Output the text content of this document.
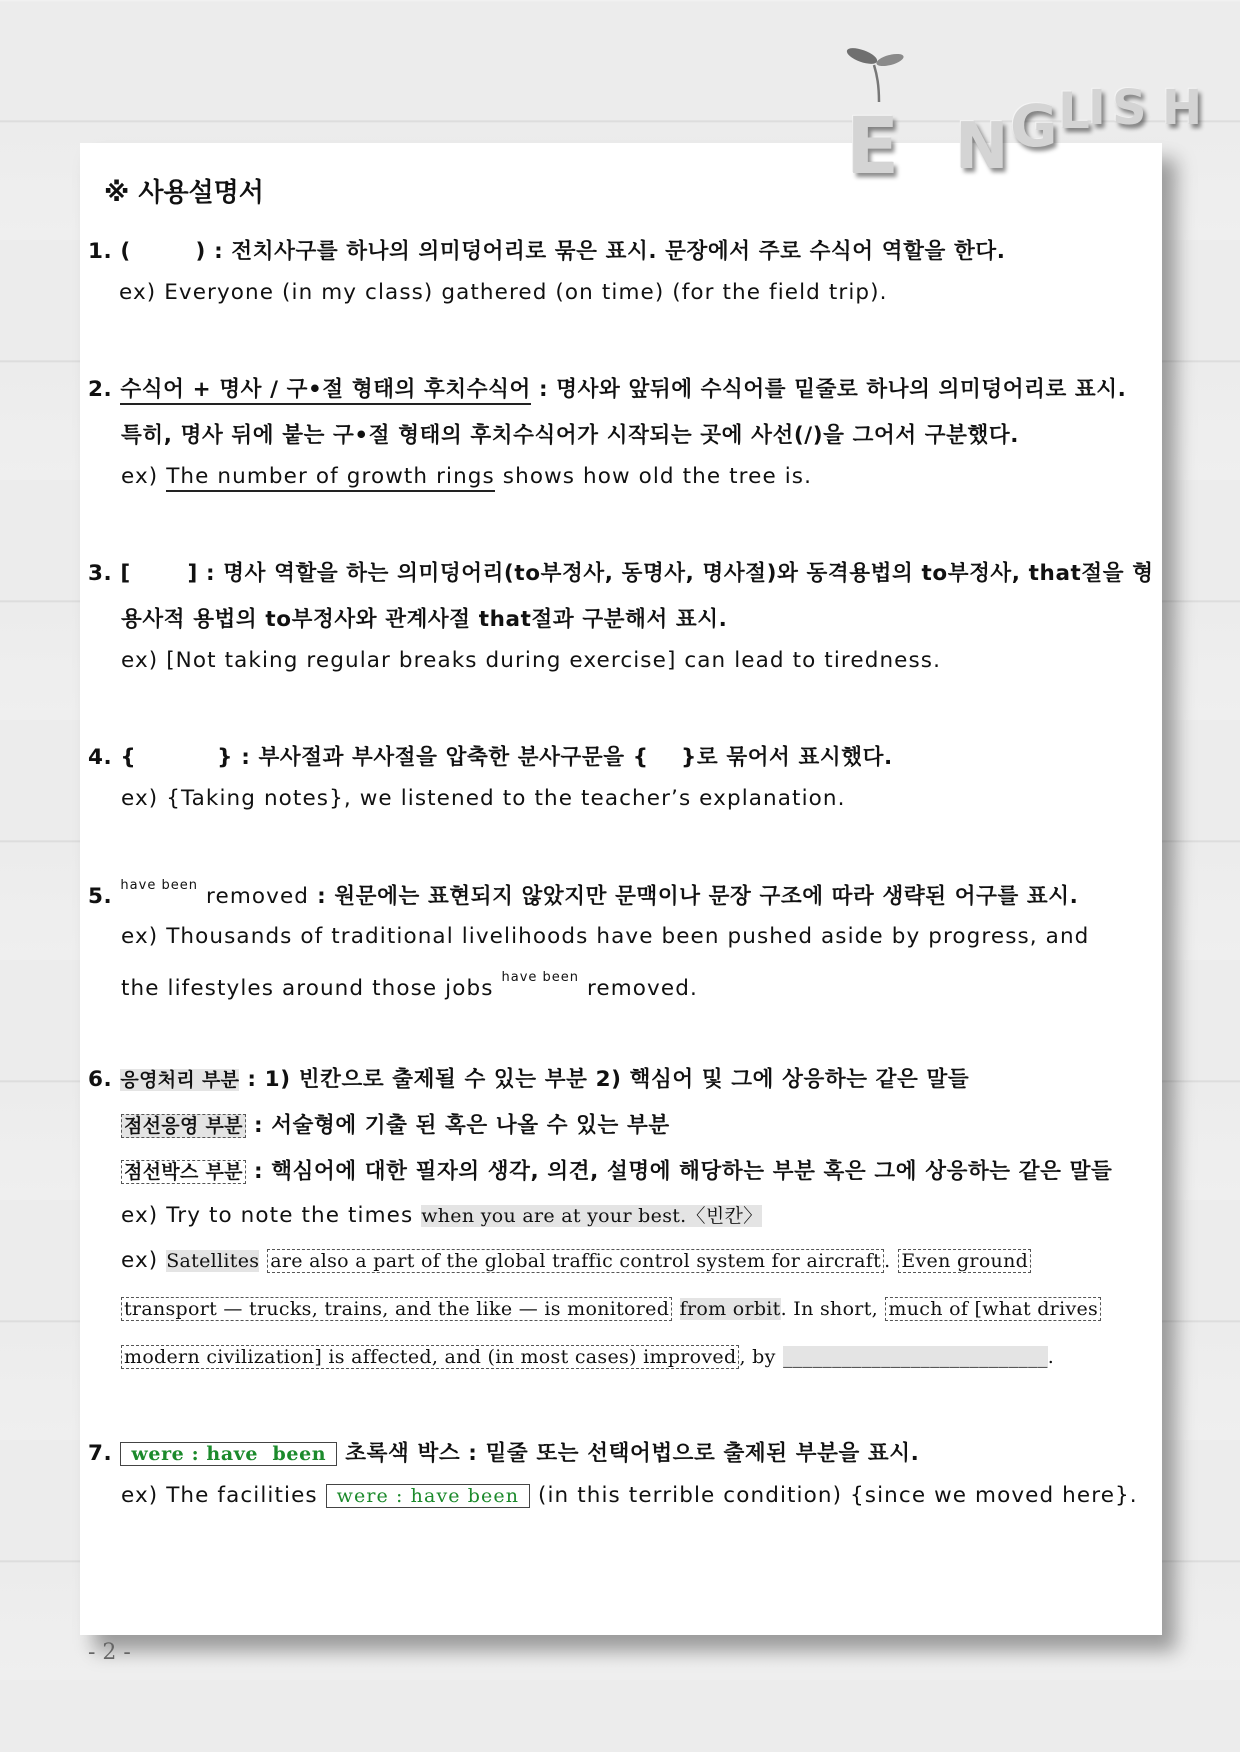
E N G L
I S H
※ 사용설명서
1. (        ) : 전치사구를 하나의 의미덩어리로 묶은 표시. 문장에서 주로 수식어 역할을 한다.
ex) Everyone (in my class) gathered (on time) (for the field trip).
2. 수식어 + 명사 / 구•절 형태의 후치수식어 : 명사와 앞뒤에 수식어를 밑줄로 하나의 의미덩어리로 표시.
특히, 명사 뒤에 붙는 구•절 형태의 후치수식어가 시작되는 곳에 사선(/)을 그어서 구분했다.
ex) The number of growth rings shows how old the tree is.
3. [       ] : 명사 역할을 하는 의미덩어리(to부정사, 동명사, 명사절)와 동격용법의 to부정사, that절을 형
용사적 용법의 to부정사와 관계사절 that절과 구분해서 표시.
ex) [Not taking regular breaks during exercise] can lead to tiredness.
4. {          } : 부사절과 부사절을 압축한 분사구문을 {    }로 묶어서 표시했다.
ex) {Taking notes}, we listened to the teacher’s explanation.
5. $^{have been}$ removed : 원문에는 표현되지 않았지만 문맥이나 문장 구조에 따라 생략된 어구를 표시.
ex) Thousands of traditional livelihoods have been pushed aside by progress, and
the lifestyles around those jobs $^{have been}$ removed.
6. 응영처리 부분 : 1) 빈칸으로 출제될 수 있는 부분 2) 핵심어 및 그에 상응하는 같은 말들
점선응영 부분 : 서술형에 기출 된 혹은 나올 수 있는 부분
점선박스 부분 : 핵심어에 대한 필자의 생각, 의견, 설명에 해당하는 부분 혹은 그에 상응하는 같은 말들
ex) Try to note the times when you are at your best.〈빈칸〉
ex) Satellites are also a part of the global traffic control system for aircraft . Even ground
transport — trucks, trains, and the like — is monitored from orbit. In short, much of [what drives
modern civilization] is affected, and (in most cases) improved , by ___________________________.
7. were : have  been 초록색 박스 : 밑줄 또는 선택어법으로 출제된 부분을 표시.
ex) The facilities were : have been (in this terrible condition) {since we moved here}.
- 2 -
